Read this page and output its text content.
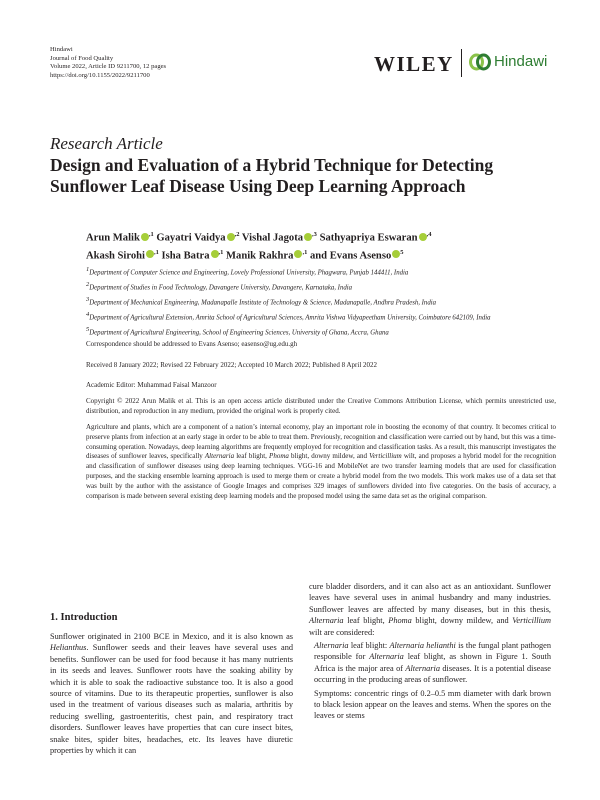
Hindawi
Journal of Food Quality
Volume 2022, Article ID 9211700, 12 pages
https://doi.org/10.1155/2022/9211700	WILEY	Hindawi
Research Article
Design and Evaluation of a Hybrid Technique for Detecting Sunflower Leaf Disease Using Deep Learning Approach
Arun Malik $^{,1}$ Gayatri Vaidya $^{,2}$ Vishal Jagota $^{,3}$ Sathyapriya Eswaran $^{,4}$
Akash Sirohi $^{,1}$ Isha Batra $^{,1}$ Manik Rakhra $^{,1}$ and Evans Asenso $^5$
$^1$Department of Computer Science and Engineering, Lovely Professional University, Phagwara, Punjab 144411, India
$^2$Department of Studies in Food Technology, Davangere University, Davangere, Karnataka, India
$^3$Department of Mechanical Engineering, Madanapalle Institute of Technology & Science, Madanapalle, Andhra Pradesh, India
$^4$Department of Agricultural Extension, Amrita School of Agricultural Sciences, Amrita Vishwa Vidyapeetham University, Coimbatore 642109, India
$^5$Department of Agricultural Engineering, School of Engineering Sciences, University of Ghana, Accra, Ghana
Correspondence should be addressed to Evans Asenso; easenso@ug.edu.gh
Received 8 January 2022; Revised 22 February 2022; Accepted 10 March 2022; Published 8 April 2022
Academic Editor: Muhammad Faisal Manzoor
Copyright © 2022 Arun Malik et al. This is an open access article distributed under the Creative Commons Attribution License, which permits unrestricted use, distribution, and reproduction in any medium, provided the original work is properly cited.
Agriculture and plants, which are a component of a nation’s internal economy, play an important role in boosting the economy of that country. It becomes critical to preserve plants from infection at an early stage in order to be able to treat them. Previously, recognition and classification were carried out by hand, but this was a time-consuming operation. Nowadays, deep learning algorithms are frequently employed for recognition and classification tasks. As a result, this manuscript investigates the diseases of sunflower leaves, specifically Alternaria leaf blight, Phoma blight, downy mildew, and Verticillium wilt, and proposes a hybrid model for the recognition and classification of sunflower diseases using deep learning techniques. VGG-16 and MobileNet are two transfer learning models that are used for classification purposes, and the stacking ensemble learning approach is used to merge them or create a hybrid model from the two models. This work makes use of a data set that was built by the author with the assistance of Google Images and comprises 329 images of sunflowers divided into five categories. On the basis of accuracy, a comparison is made between several existing deep learning models and the proposed model using the same data set as the original comparison.
1. Introduction
Sunflower originated in 2100 BCE in Mexico, and it is also known as Helianthus. Sunflower seeds and their leaves have several uses and benefits. Sunflower can be used for food because it has many nutrients in its seeds and leaves. Sunflower roots have the soaking ability by which it is able to soak the radioactive substance too. It is also a good source of vitamins. Due to its therapeutic properties, sunflower is also used in the treatment of various diseases such as malaria, arthritis by reducing swelling, gastroenteritis, chest pain, and respiratory tract disorders. Sunflower leaves have properties that can cure insect bites, snake bites, spider bites, headaches, etc. Its leaves have diuretic properties by which it can
cure bladder disorders, and it can also act as an antioxidant. Sunflower leaves have several uses in animal husbandry and many industries. Sunflower leaves are affected by many diseases, but in this thesis, Alternaria leaf blight, Phoma blight, downy mildew, and Verticillium wilt are considered:
Alternaria leaf blight: Alternaria helianthi is the fungal plant pathogen responsible for Alternaria leaf blight, as shown in Figure 1. South Africa is the major area of Alternaria diseases. It is a potential disease occurring in the producing areas of sunflower.
Symptoms: concentric rings of 0.2–0.5 mm diameter with dark brown to black lesion appear on the leaves and stems. When the spores on the leaves or stems
